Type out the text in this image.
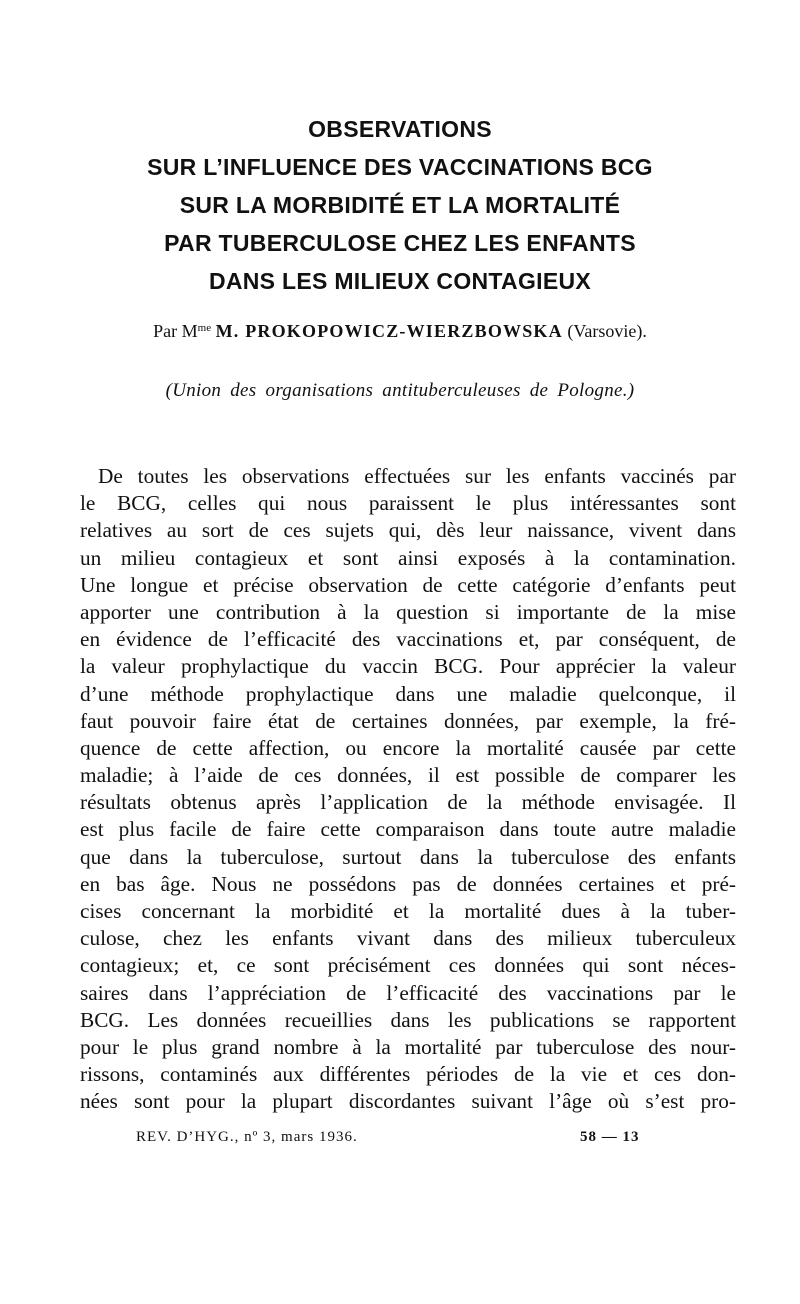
OBSERVATIONS
SUR L’INFLUENCE DES VACCINATIONS BCG
SUR LA MORBIDITÉ ET LA MORTALITÉ
PAR TUBERCULOSE CHEZ LES ENFANTS
DANS LES MILIEUX CONTAGIEUX
Par $M^{me}$ M. PROKOPOWICZ-WIERZBOWSKA (Varsovie).
(Union des organisations antituberculeuses de Pologne.)
De toutes les observations effectuées sur les enfants vaccinés par
le BCG, celles qui nous paraissent le plus intéressantes sont
relatives au sort de ces sujets qui, dès leur naissance, vivent dans
un milieu contagieux et sont ainsi exposés à la contamination.
Une longue et précise observation de cette catégorie d’enfants peut
apporter une contribution à la question si importante de la mise
en évidence de l’efficacité des vaccinations et, par conséquent, de
la valeur prophylactique du vaccin BCG. Pour apprécier la valeur
d’une méthode prophylactique dans une maladie quelconque, il
faut pouvoir faire état de certaines données, par exemple, la fré-
quence de cette affection, ou encore la mortalité causée par cette
maladie; à l’aide de ces données, il est possible de comparer les
résultats obtenus après l’application de la méthode envisagée. Il
est plus facile de faire cette comparaison dans toute autre maladie
que dans la tuberculose, surtout dans la tuberculose des enfants
en bas âge. Nous ne possédons pas de données certaines et pré-
cises concernant la morbidité et la mortalité dues à la tuber-
culose, chez les enfants vivant dans des milieux tuberculeux
contagieux; et, ce sont précisément ces données qui sont néces-
saires dans l’appréciation de l’efficacité des vaccinations par le
BCG. Les données recueillies dans les publications se rapportent
pour le plus grand nombre à la mortalité par tuberculose des nour-
rissons, contaminés aux différentes périodes de la vie et ces don-
nées sont pour la plupart discordantes suivant l’âge où s’est pro-
REV. D’HYG., nº 3, mars 1936.	58 — 13
